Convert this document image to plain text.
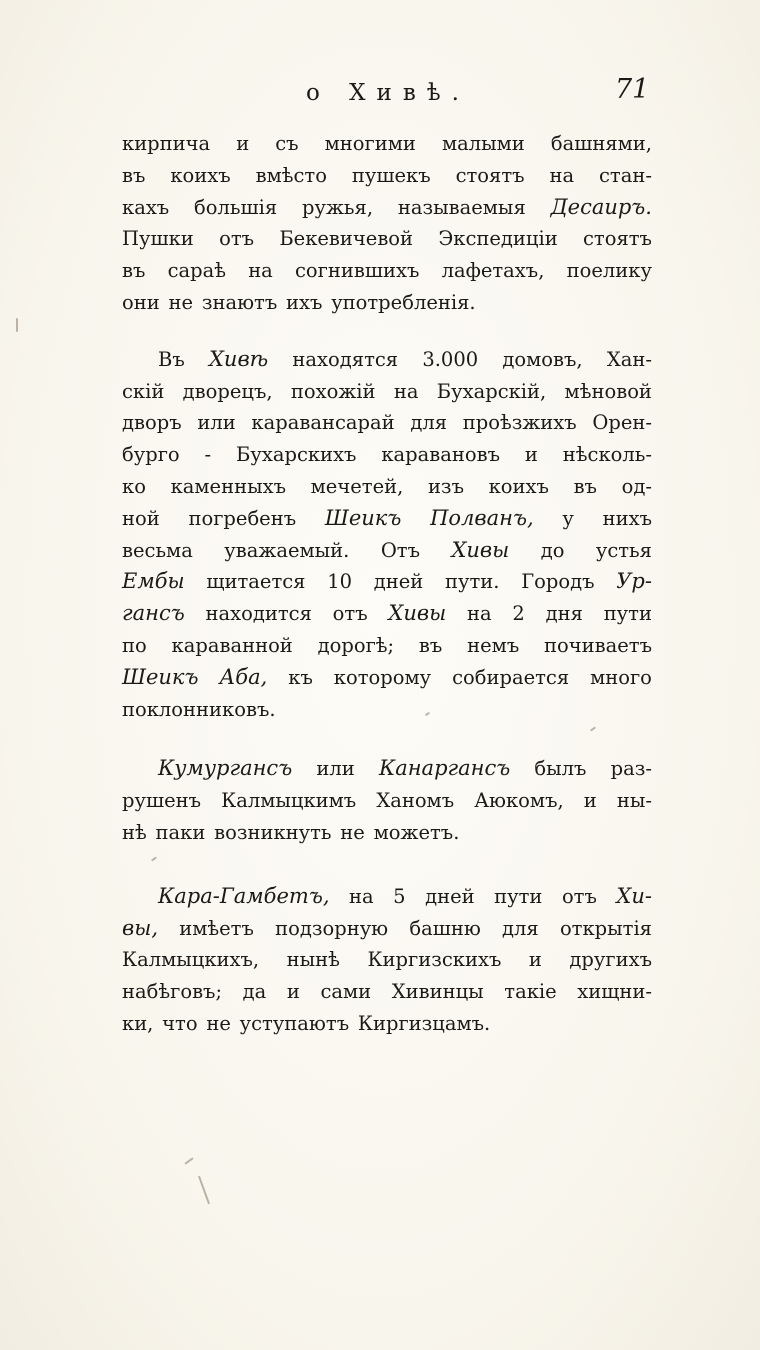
о Хивѣ.	71
кирпича и съ многими малыми башнями,
въ коихъ вмѣсто пушекъ стоятъ на стан-
кахъ большія ружья, называемыя Десаиръ.
Пушки отъ Бекевичевой Экспедиціи стоятъ
въ сараѣ на согнившихъ лафетахъ, поелику
они не знаютъ ихъ употребленія.
Въ Хивѣ находятся 3.000 домовъ, Хан-
скій дворецъ, похожій на Бухарскій, мѣновой
дворъ или каравансарай для проѣзжихъ Орен-
бурго - Бухарскихъ каравановъ и нѣсколь-
ко каменныхъ мечетей, изъ коихъ въ од-
ной погребенъ Шеикъ Полванъ, у нихъ
весьма уважаемый. Отъ Хивы до устья
Ембы щитается 10 дней пути. Городъ Ур-
гансъ находится отъ Хивы на 2 дня пути
по караванной дорогѣ; въ немъ почиваетъ
Шеикъ Аба, къ которому собирается много
поклонниковъ.
Кумургансъ или Канаргансъ былъ раз-
рушенъ Калмыцкимъ Ханомъ Аюкомъ, и ны-
нѣ паки возникнуть не можетъ.
Кара-Гамбетъ, на 5 дней пути отъ Хи-
вы, имѣетъ подзорную башню для открытія
Калмыцкихъ, нынѣ Киргизскихъ и другихъ
набѣговъ; да и сами Хивинцы такіе хищни-
ки, что не уступаютъ Киргизцамъ.
